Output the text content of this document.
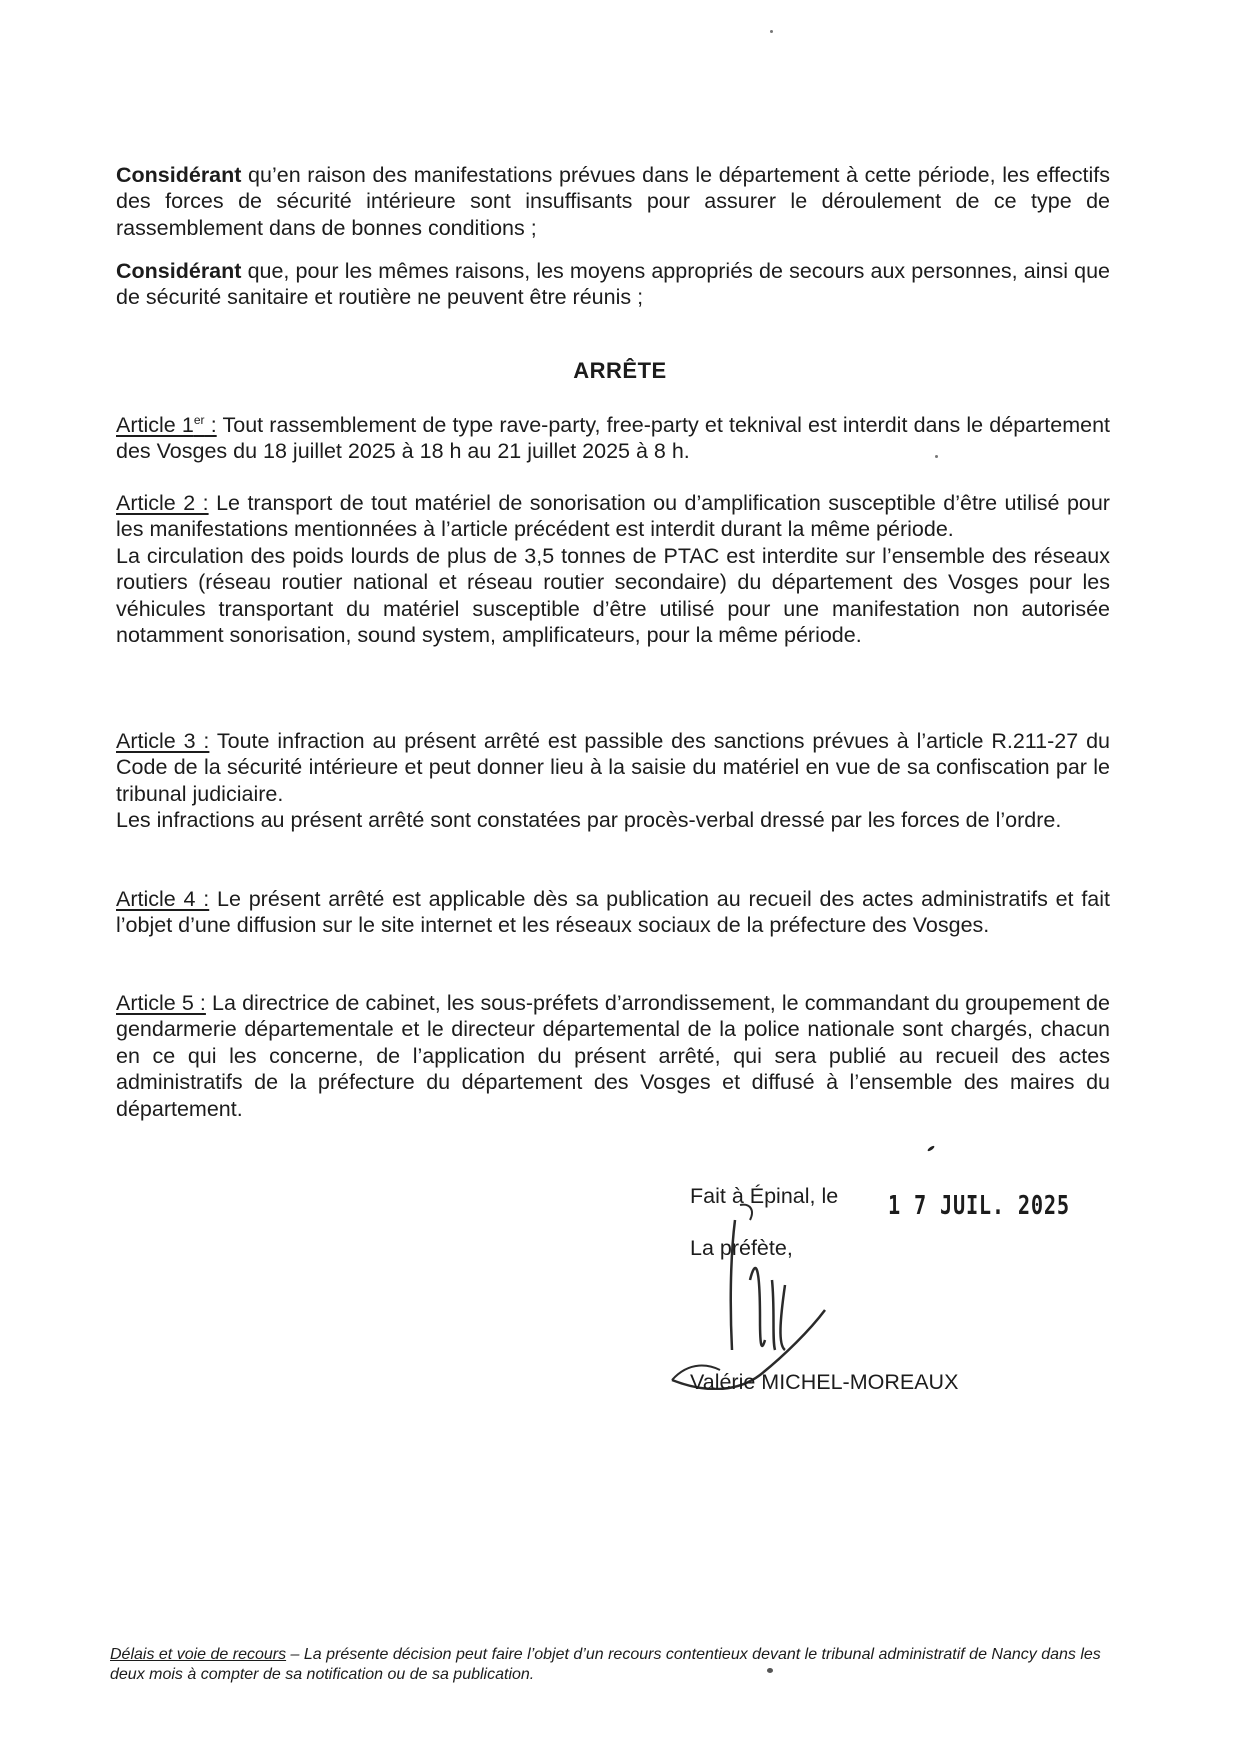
Considérant qu’en raison des manifestations prévues dans le département à cette période, les effectifs des forces de sécurité intérieure sont insuffisants pour assurer le déroulement de ce type de rassemblement dans de bonnes conditions ;

Considérant que, pour les mêmes raisons, les moyens appropriés de secours aux personnes, ainsi que de sécurité sanitaire et routière ne peuvent être réunis ;

ARRÊTE

Article 1er : Tout rassemblement de type rave-party, free-party et teknival est interdit dans le département des Vosges du 18 juillet 2025 à 18 h au 21 juillet 2025 à 8 h.

Article 2 : Le transport de tout matériel de sonorisation ou d’amplification susceptible d’être utilisé pour les manifestations mentionnées à l’article précédent est interdit durant la même période.
La circulation des poids lourds de plus de 3,5 tonnes de PTAC est interdite sur l’ensemble des réseaux routiers (réseau routier national et réseau routier secondaire) du département des Vosges pour les véhicules transportant du matériel susceptible d’être utilisé pour une manifestation non autorisée notamment sonorisation, sound system, amplificateurs, pour la même période.
Article 3 : Toute infraction au présent arrêté est passible des sanctions prévues à l’article R.211-27 du Code de la sécurité intérieure et peut donner lieu à la saisie du matériel en vue de sa confiscation par le tribunal judiciaire.
Les infractions au présent arrêté sont constatées par procès-verbal dressé par les forces de l’ordre.

Article 4 : Le présent arrêté est applicable dès sa publication au recueil des actes administratifs et fait l’objet d’une diffusion sur le site internet et les réseaux sociaux de la préfecture des Vosges.

Article 5 : La directrice de cabinet, les sous-préfets d’arrondissement, le commandant du groupement de gendarmerie départementale et le directeur départemental de la police nationale sont chargés, chacun en ce qui les concerne, de l’application du présent arrêté, qui sera publié au recueil des actes administratifs de la préfecture du département des Vosges et diffusé à l’ensemble des maires du département.

Fait à Épinal, le 1 7 JUIL. 2025
La préfète,
Valérie MICHEL-MOREAUX

Délais et voie de recours – La présente décision peut faire l’objet d’un recours contentieux devant le tribunal administratif de Nancy dans les deux mois à compter de sa notification ou de sa publication.
